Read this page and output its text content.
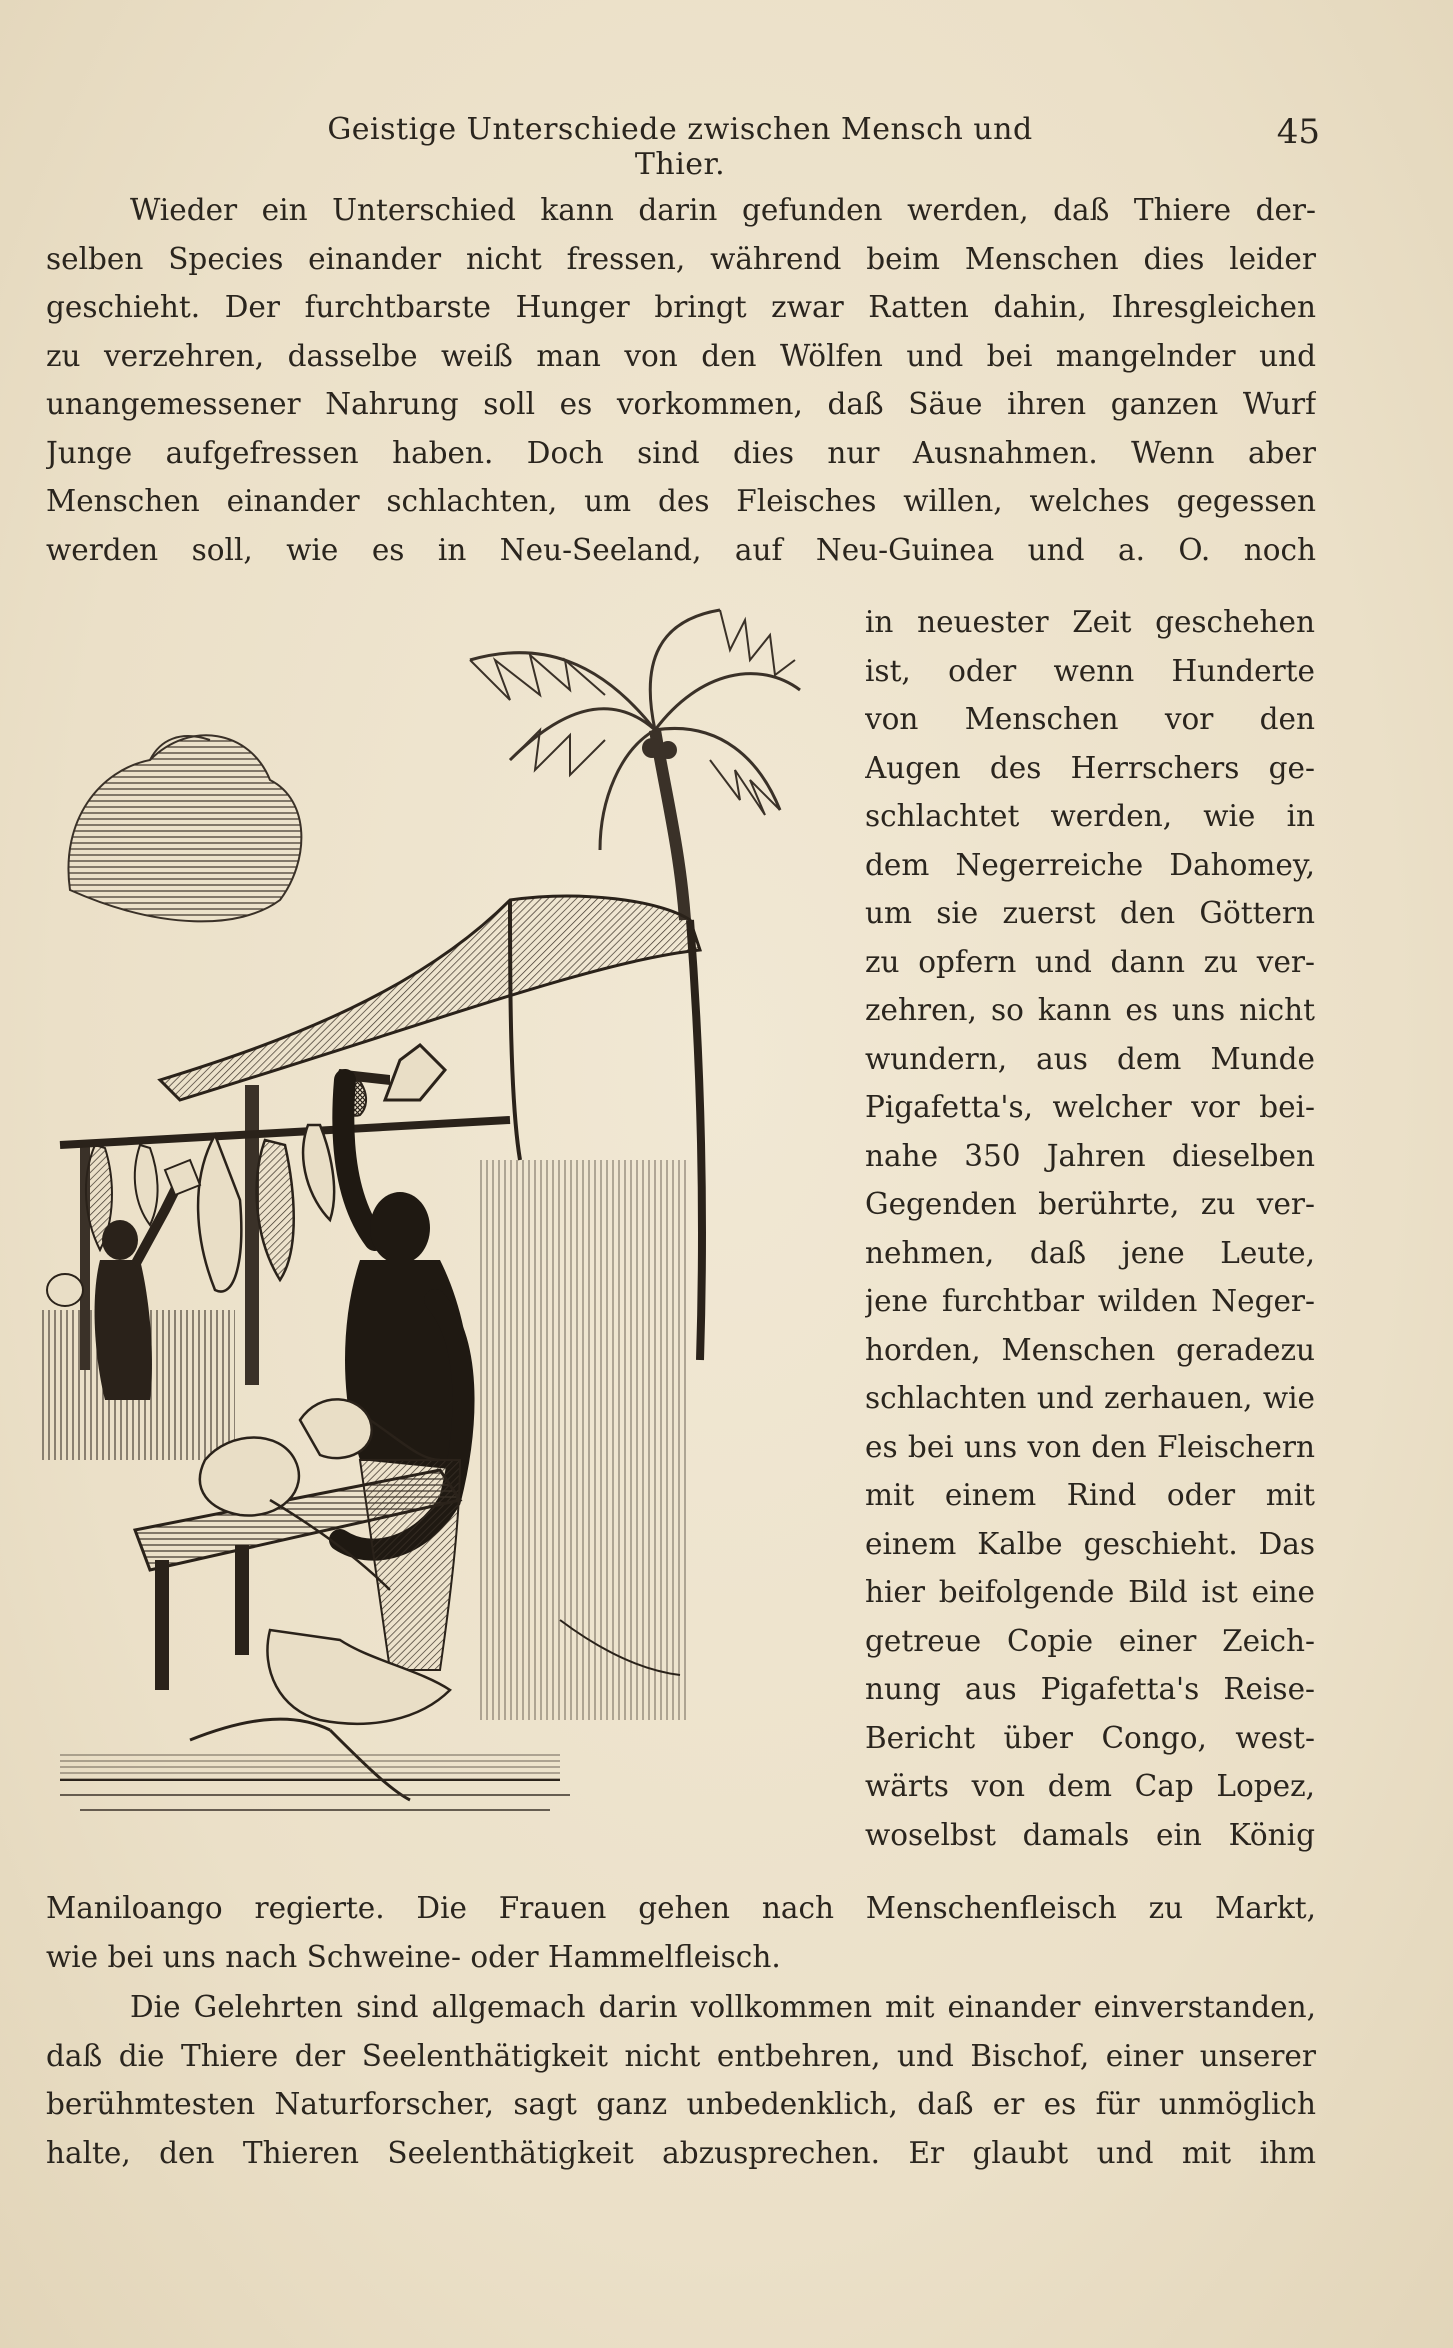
Geistige Unterschiede zwischen Mensch und Thier.
45
Wieder ein Unterschied kann darin gefunden werden, daß Thiere der-
selben Species einander nicht fressen, während beim Menschen dies leider
geschieht. Der furchtbarste Hunger bringt zwar Ratten dahin, Ihresgleichen
zu verzehren, dasselbe weiß man von den Wölfen und bei mangelnder und
unangemessener Nahrung soll es vorkommen, daß Säue ihren ganzen Wurf
Junge aufgefressen haben. Doch sind dies nur Ausnahmen. Wenn aber
Menschen einander schlachten, um des Fleisches willen, welches gegessen
werden soll, wie es in Neu-Seeland, auf Neu-Guinea und a. O. noch
in neuester Zeit geschehen
ist, oder wenn Hunderte
von Menschen vor den
Augen des Herrschers ge-
schlachtet werden, wie in
dem Negerreiche Dahomey,
um sie zuerst den Göttern
zu opfern und dann zu ver-
zehren, so kann es uns nicht
wundern, aus dem Munde
Pigafetta's, welcher vor bei-
nahe 350 Jahren dieselben
Gegenden berührte, zu ver-
nehmen, daß jene Leute,
jene furchtbar wilden Neger-
horden, Menschen geradezu
schlachten und zerhauen, wie
es bei uns von den Fleischern
mit einem Rind oder mit
einem Kalbe geschieht. Das
hier beifolgende Bild ist eine
getreue Copie einer Zeich-
nung aus Pigafetta's Reise-
Bericht über Congo, west-
wärts von dem Cap Lopez,
woselbst damals ein König
Maniloango regierte. Die Frauen gehen nach Menschenfleisch zu Markt,
wie bei uns nach Schweine- oder Hammelfleisch.
Die Gelehrten sind allgemach darin vollkommen mit einander einverstanden,
daß die Thiere der Seelenthätigkeit nicht entbehren, und Bischof, einer unserer
berühmtesten Naturforscher, sagt ganz unbedenklich, daß er es für unmöglich
halte, den Thieren Seelenthätigkeit abzusprechen. Er glaubt und mit ihm
